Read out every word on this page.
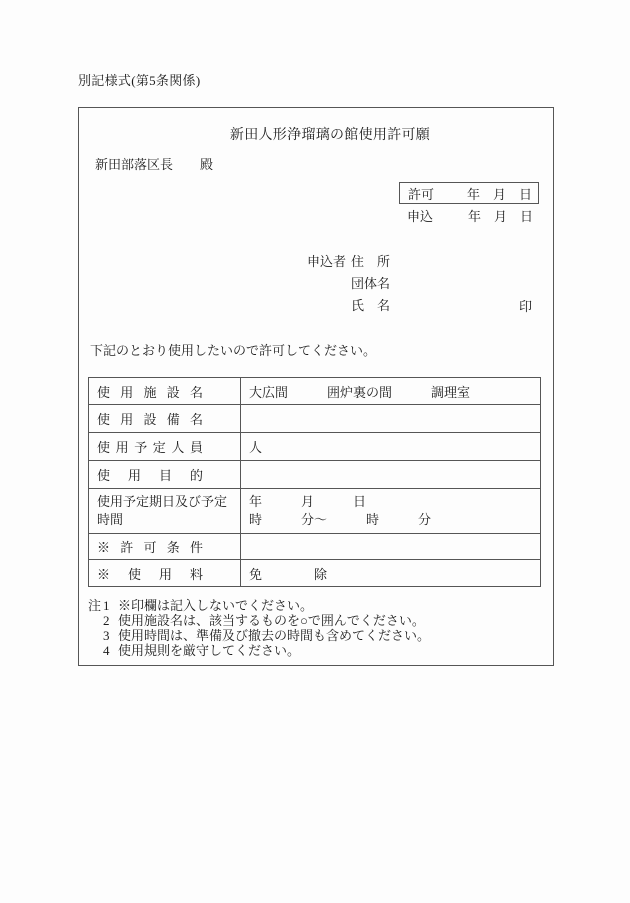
別記様式(第5条関係)
新田人形浄瑠璃の館使用許可願
新田部落区長 殿
許可	年　月　日
申込	年　月　日
申込者 住　所
団体名
氏　名	印
下記のとおり使用したいので許可してください。
使用施設名	大広間　　　囲炉裏の間　　　調理室

使用設備名	

使用予定人員	人

使用目的	

使用予定期日及び予定時間	年　　　月　　　日
時　　　分～　　　時　　　分

※許可条件	

※使用料	免　　　　除
注 1 ※印欄は記入しないでください。
2 使用施設名は、該当するものを○で囲んでください。
3 使用時間は、準備及び撤去の時間も含めてください。
4 使用規則を厳守してください。
